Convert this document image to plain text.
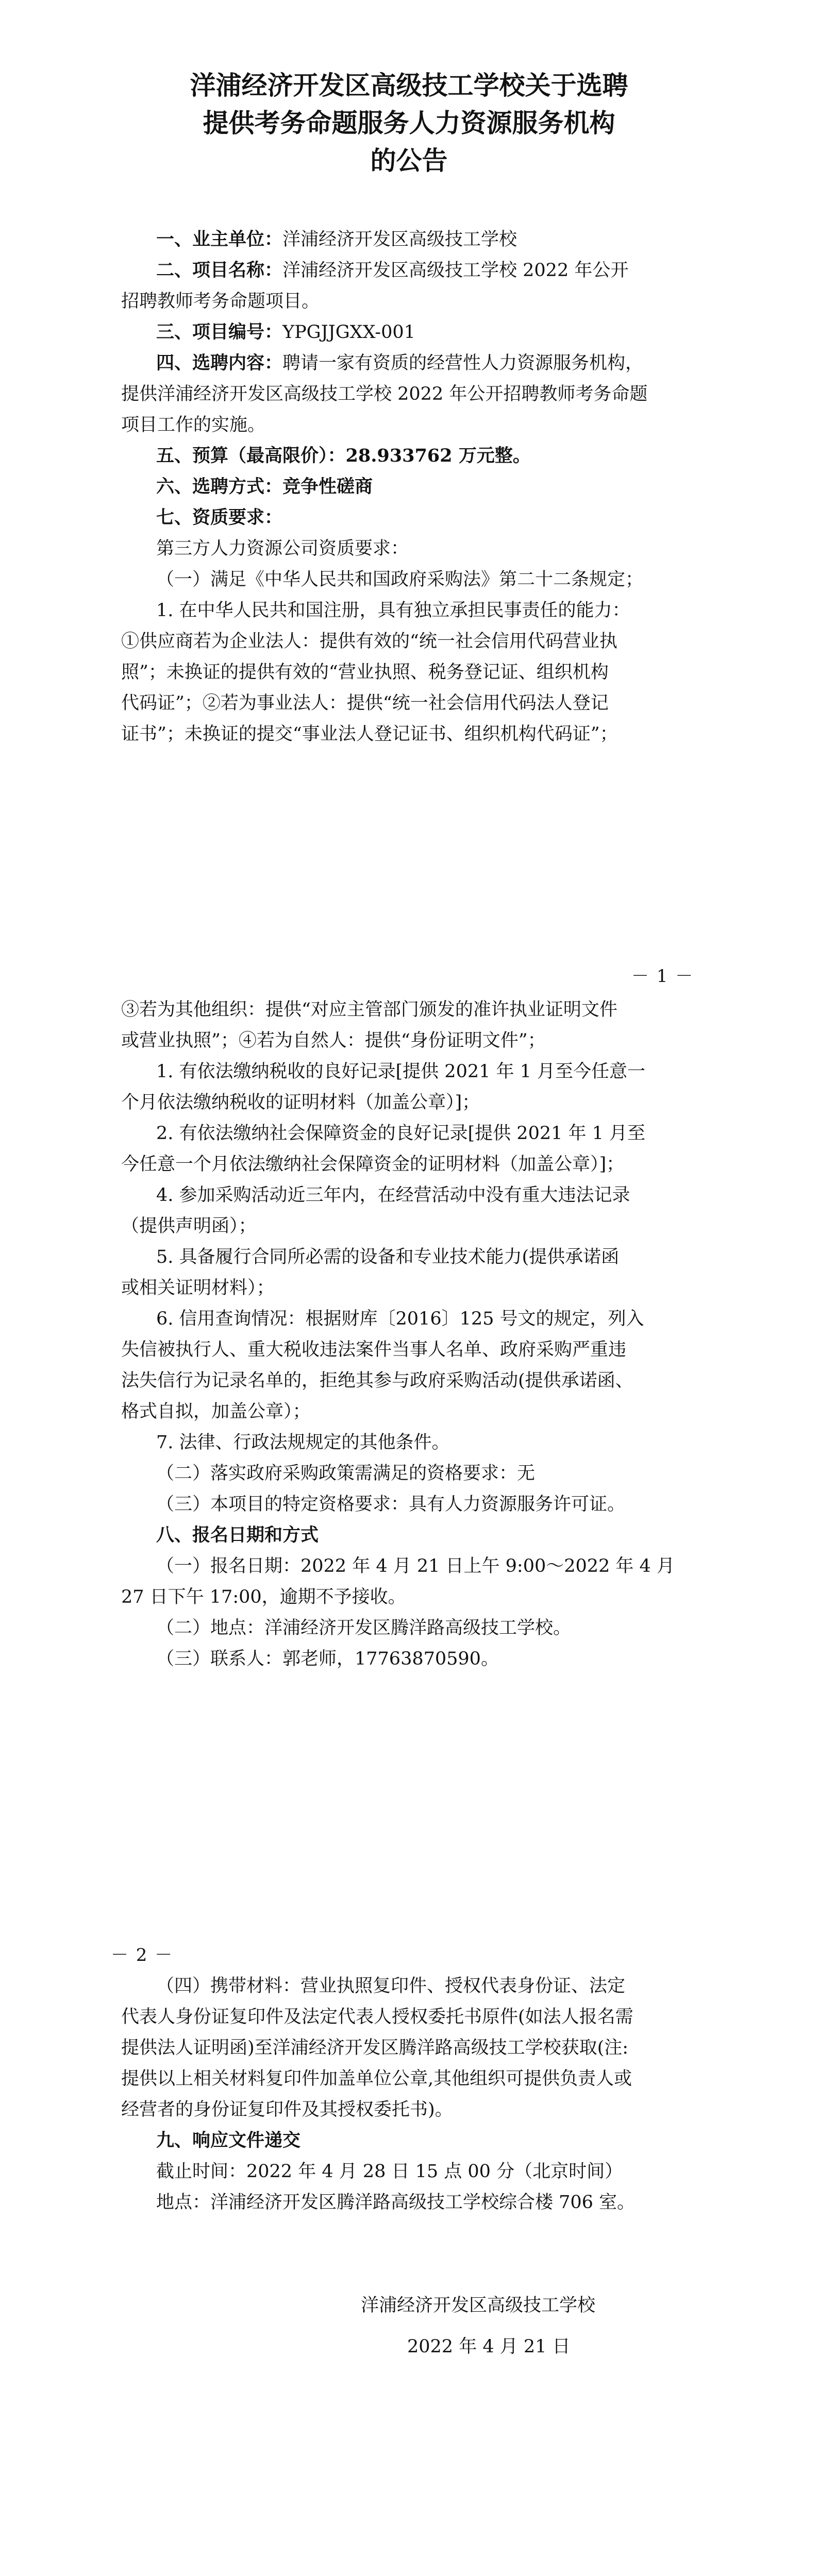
洋浦经济开发区高级技工学校关于选聘
提供考务命题服务人力资源服务机构
的公告
一、业主单位：洋浦经济开发区高级技工学校
二、项目名称：洋浦经济开发区高级技工学校 2022 年公开
招聘教师考务命题项目。
三、项目编号：YPGJJGXX-001
四、选聘内容：聘请一家有资质的经营性人力资源服务机构，
提供洋浦经济开发区高级技工学校 2022 年公开招聘教师考务命题
项目工作的实施。
五、预算（最高限价）：28.933762 万元整。
六、选聘方式：竞争性磋商
七、资质要求：
第三方人力资源公司资质要求：
（一）满足《中华人民共和国政府采购法》第二十二条规定；
1. 在中华人民共和国注册，具有独立承担民事责任的能力：
①供应商若为企业法人：提供有效的“统一社会信用代码营业执
照”；未换证的提供有效的“营业执照、税务登记证、组织机构
代码证”；②若为事业法人：提供“统一社会信用代码法人登记
证书”；未换证的提交“事业法人登记证书、组织机构代码证”；
－ 1 －
③若为其他组织：提供“对应主管部门颁发的准许执业证明文件
或营业执照”；④若为自然人：提供“身份证明文件”；
1. 有依法缴纳税收的良好记录[提供 2021 年 1 月至今任意一
个月依法缴纳税收的证明材料（加盖公章）]；
2. 有依法缴纳社会保障资金的良好记录[提供 2021 年 1 月至
今任意一个月依法缴纳社会保障资金的证明材料（加盖公章）]；
4. 参加采购活动近三年内，在经营活动中没有重大违法记录
（提供声明函）；
5. 具备履行合同所必需的设备和专业技术能力(提供承诺函
或相关证明材料）；
6. 信用查询情况：根据财库〔2016〕125 号文的规定，列入
失信被执行人、重大税收违法案件当事人名单、政府采购严重违
法失信行为记录名单的，拒绝其参与政府采购活动(提供承诺函、
格式自拟，加盖公章）；
7. 法律、行政法规规定的其他条件。
（二）落实政府采购政策需满足的资格要求：无
（三）本项目的特定资格要求：具有人力资源服务许可证。
八、报名日期和方式
（一）报名日期：2022 年 4 月 21 日上午 9:00～2022 年 4 月
27 日下午 17:00，逾期不予接收。
（二）地点：洋浦经济开发区腾洋路高级技工学校。
（三）联系人：郭老师，17763870590。
－ 2 －
（四）携带材料：营业执照复印件、授权代表身份证、法定
代表人身份证复印件及法定代表人授权委托书原件(如法人报名需
提供法人证明函)至洋浦经济开发区腾洋路高级技工学校获取(注:
提供以上相关材料复印件加盖单位公章,其他组织可提供负责人或
经营者的身份证复印件及其授权委托书)。
九、响应文件递交
截止时间：2022 年 4 月 28 日 15 点 00 分（北京时间）
地点：洋浦经济开发区腾洋路高级技工学校综合楼 706 室。
洋浦经济开发区高级技工学校
2022 年 4 月 21 日
